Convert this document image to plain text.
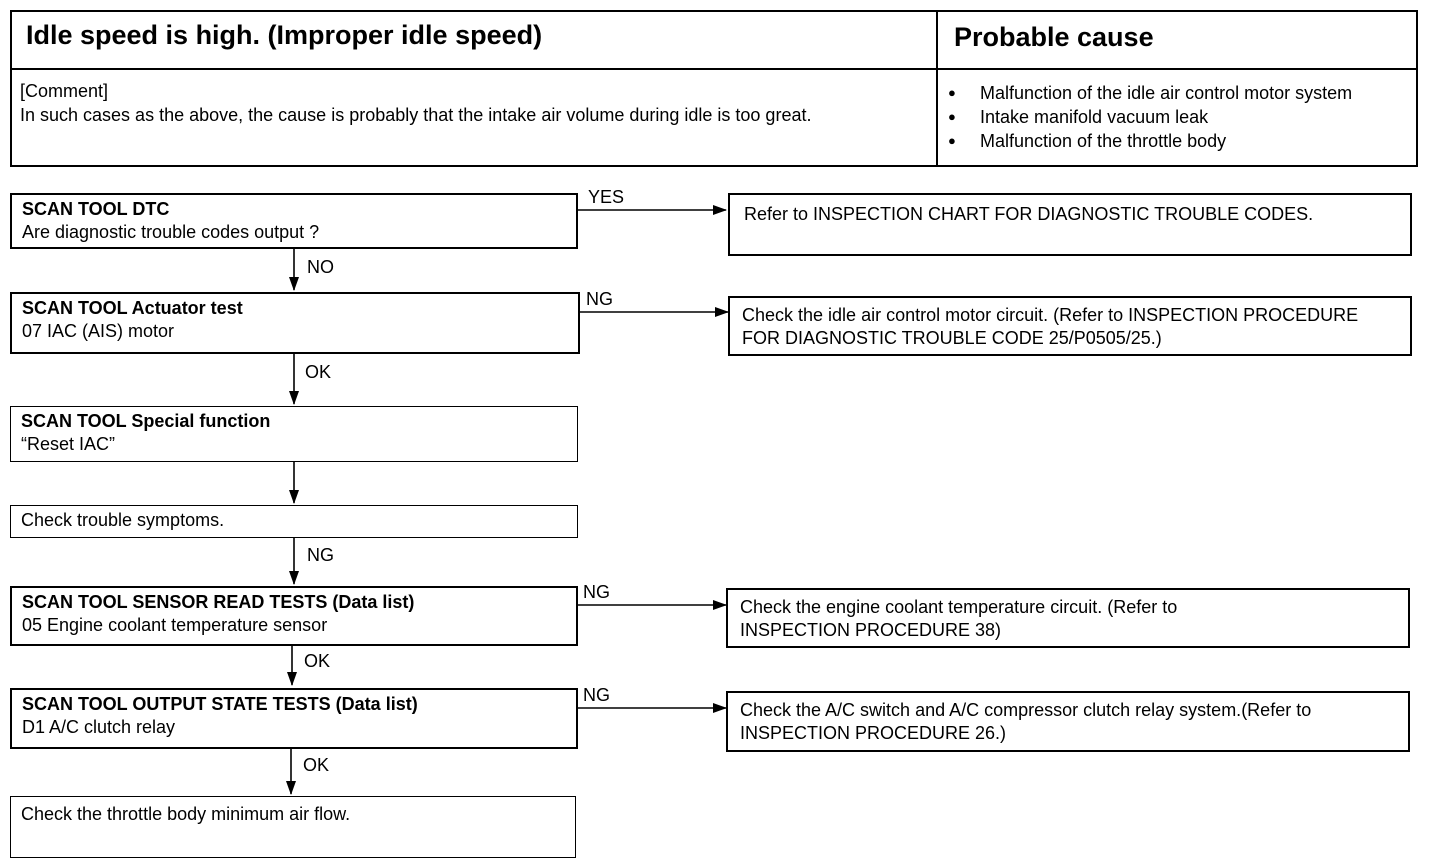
Idle speed is high. (Improper idle speed)	Probable cause
[Comment]
In such cases as the above, the cause is probably that the intake air volume during idle is too great.
● Malfunction of the idle air control motor system
● Intake manifold vacuum leak
● Malfunction of the throttle body
YES
NO
NG
OK
NG
NG
OK
NG
OK
SCAN TOOL DTC
Are diagnostic trouble codes output ?
SCAN TOOL Actuator test
07 IAC (AIS) motor
SCAN TOOL Special function
“Reset IAC”
Check trouble symptoms.
SCAN TOOL SENSOR READ TESTS (Data list)
05 Engine coolant temperature sensor
SCAN TOOL OUTPUT STATE TESTS (Data list)
D1 A/C clutch relay
Check the throttle body minimum air flow.
Refer to INSPECTION CHART FOR DIAGNOSTIC TROUBLE CODES.
Check the idle air control motor circuit. (Refer to INSPECTION PROCEDURE FOR DIAGNOSTIC TROUBLE CODE 25/P0505/25.)
Check the engine coolant temperature circuit. (Refer to INSPECTION PROCEDURE 38)
Check the A/C switch and A/C compressor clutch relay system.(Refer to INSPECTION PROCEDURE 26.)
